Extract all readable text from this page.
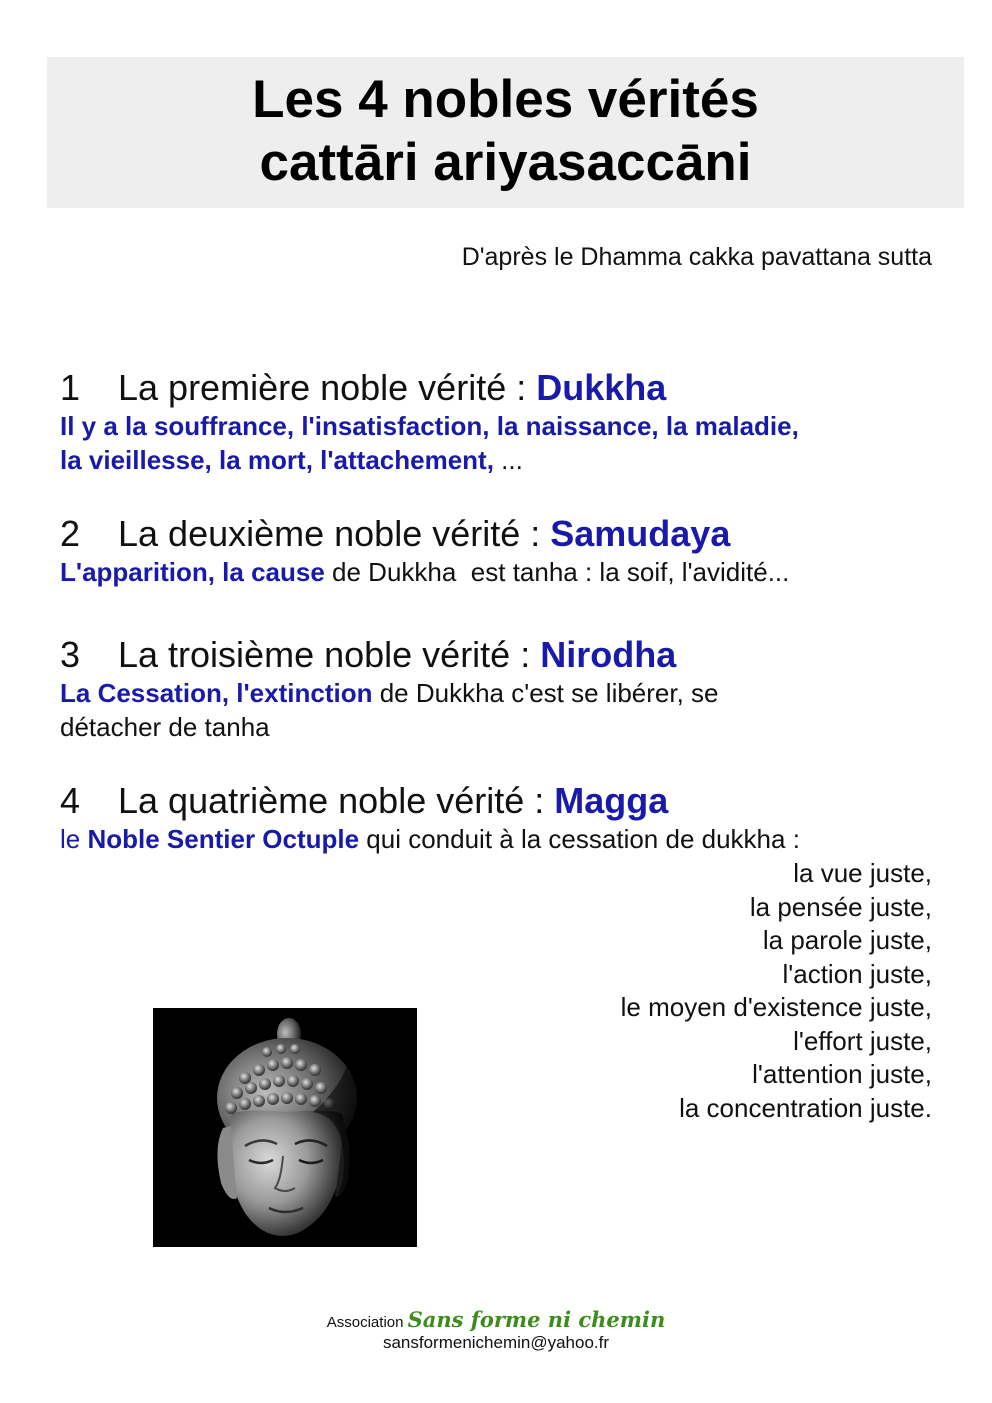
Les 4 nobles vérités
cattāri ariyasaccāni
D'après le Dhamma cakka pavattana sutta
1 La première noble vérité : Dukkha
Il y a la souffrance, l'insatisfaction, la naissance, la maladie,
la vieillesse, la mort, l'attachement, ...
2 La deuxième noble vérité : Samudaya
L'apparition, la cause de Dukkha  est tanha : la soif, l'avidité...
3 La troisième noble vérité : Nirodha
La Cessation, l'extinction de Dukkha c'est se libérer, se
détacher de tanha
4 La quatrième noble vérité : Magga
le Noble Sentier Octuple qui conduit à la cessation de dukkha :
la vue juste,
la pensée juste,
la parole juste,
l'action juste,
le moyen d'existence juste,
l'effort juste,
l'attention juste,
la concentration juste.
Association Sans forme ni chemin
sansformenichemin@yahoo.fr
